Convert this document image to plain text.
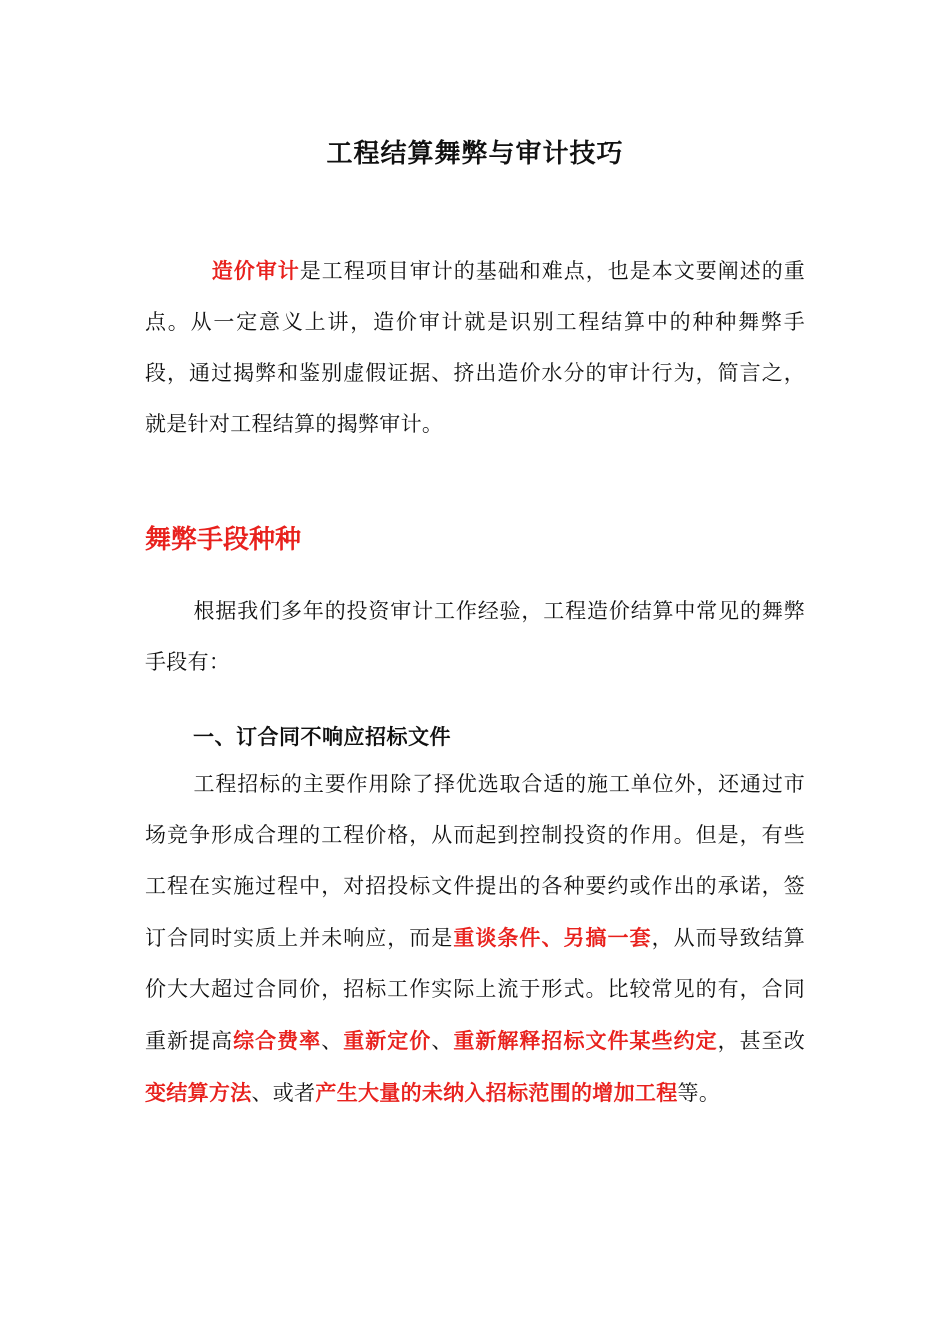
工程结算舞弊与审计技巧
造价审计是工程项目审计的基础和难点，也是本文要阐述的重点。从一定意义上讲，造价审计就是识别工程结算中的种种舞弊手段，通过揭弊和鉴别虚假证据、挤出造价水分的审计行为，简言之，就是针对工程结算的揭弊审计。
舞弊手段种种
根据我们多年的投资审计工作经验，工程造价结算中常见的舞弊手段有：
一、订合同不响应招标文件
工程招标的主要作用除了择优选取合适的施工单位外，还通过市场竞争形成合理的工程价格，从而起到控制投资的作用。但是，有些工程在实施过程中，对招投标文件提出的各种要约或作出的承诺，签订合同时实质上并未响应，而是重谈条件、另搞一套，从而导致结算价大大超过合同价，招标工作实际上流于形式。比较常见的有，合同重新提高综合费率、重新定价、重新解释招标文件某些约定，甚至改变结算方法、或者产生大量的未纳入招标范围的增加工程等。
